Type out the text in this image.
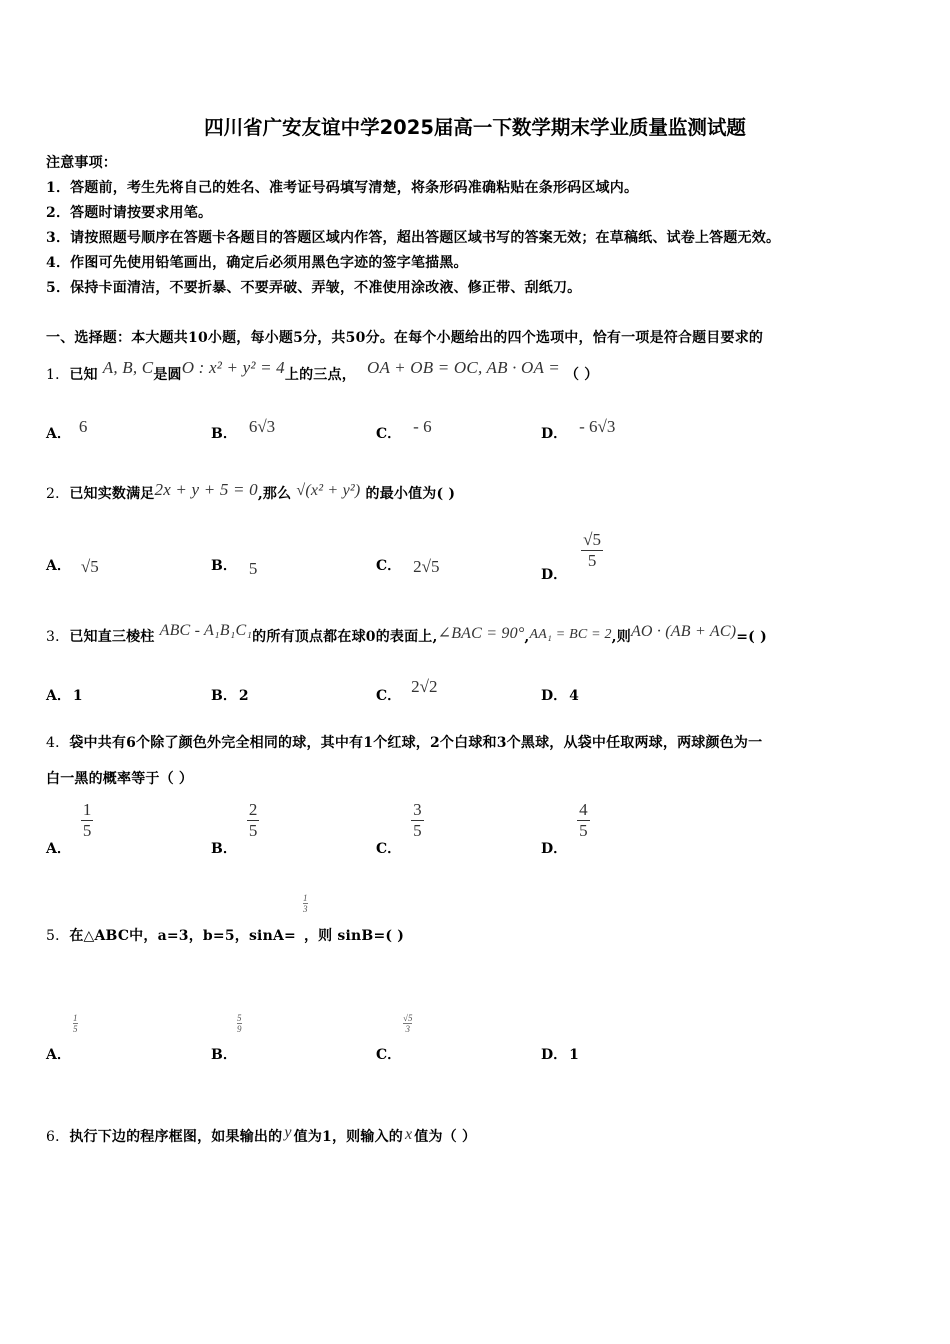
四川省广安友谊中学2025届高一下数学期末学业质量监测试题
注意事项：
1．答题前，考生先将自己的姓名、准考证号码填写清楚，将条形码准确粘贴在条形码区域内。
2．答题时请按要求用笔。
3．请按照题号顺序在答题卡各题目的答题区域内作答，超出答题区域书写的答案无效；在草稿纸、试卷上答题无效。
4．作图可先使用铅笔画出，确定后必须用黑色字迹的签字笔描黑。
5．保持卡面清洁，不要折暴、不要弄破、弄皱，不准使用涂改液、修正带、刮纸刀。
一、选择题：本大题共10小题，每小题5分，共50分。在每个小题给出的四个选项中，恰有一项是符合题目要求的
1．已知 A, B, C是圆O : x² + y² = 4上的三点， OA + OB = OC, AB · OA = （ ）
A． 6	B． 6√3	C． - 6	D． - 6√3
2．已知实数满足2x + y + 5 = 0,那么 √(x² + y²) 的最小值为( )
A． √5	B． 5	C． 2√5	D．
$\frac{√5}{5}$
3．已知直三棱柱 ABC - A₁B₁C₁的所有顶点都在球0的表面上,∠BAC = 90°,AA₁ = BC = 2,则AO · (AB + AC)=( )
A． 1	B． 2	C． 2√2	D． 4
4．袋中共有6个除了颜色外完全相同的球，其中有1个红球，2个白球和3个黑球，从袋中任取两球，两球颜色为一
白一黑的概率等于（ ）
A．
$\frac{1}{5}$
B．
$\frac{2}{5}$
C．
$\frac{3}{5}$
D．
$\frac{4}{5}$
$\frac{1}{3}$
5．在△ABC中，a=3，b=5，sinA= ，则 sinB=( )
$\frac{1}{5}$	$\frac{5}{9}$	$\frac{√5}{3}$
A．	B．	C．	D． 1
6．执行下边的程序框图，如果输出的 y 值为1，则输入的 x 值为（ ）
